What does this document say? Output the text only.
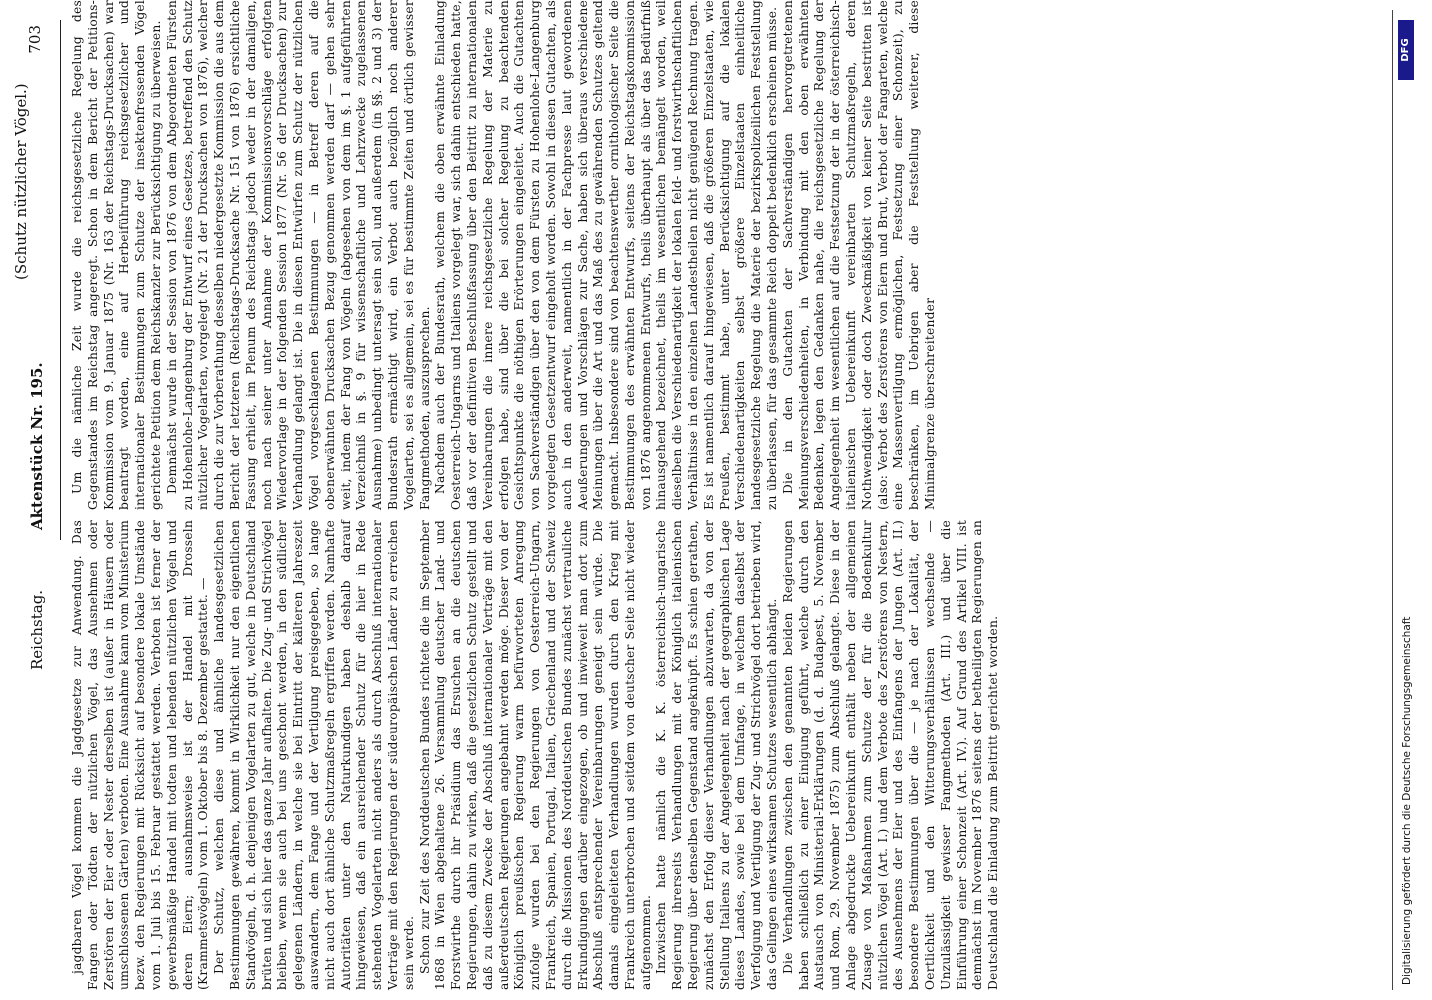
Reichstag.
Aktenstück Nr. 195.
(Schutz nützlicher Vögel.)
703

jagdbaren Vögel kommen die Jagdgesetze zur Anwendung. Das Fangen oder Tödten der nützlichen Vögel, das Ausnehmen oder Zerstören der Eier oder Nester derselben ist (außer in Häusern oder umschlossenen Gärten) verboten. Eine Ausnahme kann vom Ministerium bezw. den Regierungen mit Rücksicht auf besondere lokale Umstände vom 1. Juli bis 15. Februar gestattet werden. Verboten ist ferner der gewerbsmäßige Handel mit todten und lebenden nützlichen Vögeln und deren Eiern; ausnahmsweise ist der Handel mit Drosseln (Krammetsvögeln) vom 1. Oktober bis 8. Dezember gestattet. — Der Schutz, welchen diese und ähnliche landesgesetzlichen Bestimmungen gewähren, kommt in Wirklichkeit nur den eigentlichen Standvögeln, d. h. denjenigen Vogelarten zu gut, welche in Deutschland brüten und sich hier das ganze Jahr aufhalten. Die Zug- und Strichvögel bleiben, wenn sie auch bei uns geschont werden, in den südlicher gelegenen Ländern, in welche sie bei Eintritt der kälteren Jahreszeit auswandern, dem Fange und der Vertilgung preisgegeben, so lange nicht auch dort ähnliche Schutzmaßregeln ergriffen werden. Namhafte Autoritäten unter den Naturkundigen haben deshalb darauf hingewiesen, daß ein ausreichender Schutz für die hier in Rede stehenden Vogelarten nicht anders als durch Abschluß internationaler Verträge mit den Regierungen der südeuropäischen Länder zu erreichen sein werde. Schon zur Zeit des Norddeutschen Bundes richtete die im September 1868 in Wien abgehaltene 26. Versammlung deutscher Land- und Forstwirthe durch ihr Präsidium das Ersuchen an die deutschen Regierungen, dahin zu wirken, daß die gesetzlichen Schutz gestellt und daß zu diesem Zwecke der Abschluß internationaler Verträge mit den außerdeutschen Regierungen angebahnt werden möge. Dieser von der Königlich preußischen Regierung warm befürworteten Anregung zufolge wurden bei den Regierungen von Oesterreich-Ungarn, Frankreich, Spanien, Portugal, Italien, Griechenland und der Schweiz durch die Missionen des Norddeutschen Bundes zunächst vertrauliche Erkundigungen darüber eingezogen, ob und inwieweit man dort zum Abschluß entsprechender Vereinbarungen geneigt sein würde. Die damals eingeleiteten Verhandlungen wurden durch den Krieg mit Frankreich unterbrochen und seitdem von deutscher Seite nicht wieder aufgenommen. Inzwischen hatte nämlich die K. K. österreichisch-ungarische Regierung ihrerseits Verhandlungen mit der Königlich italienischen Regierung über denselben Gegenstand angeknüpft. Es schien gerathen, zunächst den Erfolg dieser Verhandlungen abzuwarten, da von der Stellung Italiens zu der Angelegenheit nach der geographischen Lage dieses Landes, sowie bei dem Umfange, in welchem daselbst der Verfolgung und Vertilgung der Zug- und Strichvögel dort betrieben wird, das Gelingen eines wirksamen Schutzes wesentlich abhängt. Die Verhandlungen zwischen den genannten beiden Regierungen haben schließlich zu einer Einigung geführt, welche durch den Austausch von Ministerial-Erklärungen (d. d. Budapest, 5. November und Rom, 29. November 1875) zum Abschluß gelangte. Diese in der Anlage abgedruckte Uebereinkunft enthält neben der allgemeinen Zusage von Maßnahmen zum Schutze der für die Bodenkultur nützlichen Vögel (Art. I.) und dem Verbote des Zerstörens von Nestern, des Ausnehmens der Eier und des Einfangens der Jungen (Art. II.) besondere Bestimmungen über die — je nach der Lokalität, der Oertlichkeit und den Witterungsverhältnissen wechselnde — Unzulässigkeit gewisser Fangmethoden (Art. III.) und über die Einführung einer Schonzeit (Art. IV.). Auf Grund des Artikel VIII. ist demnächst im November 1876 seitens der betheiligten Regierungen an Deutschland die Einladung zum Beitritt gerichtet worden.

Um die nämliche Zeit wurde die reichsgesetzliche Regelung des Gegenstandes im Reichstag angeregt. Schon in dem Bericht der Petitions-Kommission vom 9. Januar 1875 (Nr. 163 der Reichstags-Drucksachen) war beantragt worden, eine auf Herbeiführung reichsgesetzlicher und internationaler Bestimmungen zum Schutze der insektenfressenden Vögel gerichtete Petition dem Reichskanzler zur Berücksichtigung zu überweisen. Demnächst wurde in der Session von 1876 von dem Abgeordneten Fürsten zu Hohenlohe-Langenburg der Entwurf eines Gesetzes, betreffend den Schutz nützlicher Vogelarten, vorgelegt (Nr. 21 der Drucksachen von 1876), welcher durch die zur Vorberathung desselben niedergesetzte Kommission die aus dem Bericht der letzteren (Reichstags-Drucksache Nr. 151 von 1876) ersichtliche Fassung erhielt, im Plenum des Reichstags jedoch weder in der damaligen, noch nach seiner unter Annahme der Kommissionsvorschläge erfolgten Wiedervorlage in der folgenden Session 1877 (Nr. 56 der Drucksachen) zur Verhandlung gelangt ist. Die in diesen Entwürfen zum Schutz der nützlichen Vögel vorgeschlagenen Bestimmungen — in Betreff deren auf die obenerwähnten Drucksachen Bezug genommen werden darf — gehen sehr weit, indem der Fang von Vögeln (abgesehen von dem im §. 1 aufgeführten Verzeichniß in §. 9 für wissenschaftliche und Lehrzwecke zugelassenen Ausnahme) unbedingt untersagt sein soll, und außerdem (in §§. 2 und 3) der Bundesrath ermächtigt wird, ein Verbot auch bezüglich noch anderer Vogelarten, sei es allgemein, sei es für bestimmte Zeiten und örtlich gewisser Fangmethoden, auszusprechen. Nachdem auch der Bundesrath, welchem die oben erwähnte Einladung Oesterreich-Ungarns und Italiens vorgelegt war, sich dahin entschieden hatte, daß vor der definitiven Beschlußfassung über den Beitritt zu internationalen Vereinbarungen die innere reichsgesetzliche Regelung der Materie zu erfolgen habe, sind über die bei solcher Regelung zu beachtenden Gesichtspunkte die nöthigen Erörterungen eingeleitet. Auch die Gutachten von Sachverständigen über den von dem Fürsten zu Hohenlohe-Langenburg vorgelegten Gesetzentwurf eingeholt worden. Sowohl in diesen Gutachten, als auch in den anderweit, namentlich in der Fachpresse laut gewordenen Aeußerungen und Vorschlägen zur Sache, haben sich überaus verschiedene Meinungen über die Art und das Maß des zu gewährenden Schutzes geltend gemacht. Insbesondere sind von beachtenswerther ornithologischer Seite die Bestimmungen des erwähnten Entwurfs, seitens der Reichstagskommission von 1876 angenommenen Entwurfs, theils überhaupt als über das Bedürfniß hinausgehend bezeichnet, theils im wesentlichen bemängelt worden, weil dieselben die Verschiedenartigkeit der lokalen feld- und forstwirthschaftlichen Verhältnisse in den einzelnen Landestheilen nicht genügend Rechnung tragen. Es ist namentlich darauf hingewiesen, daß die größeren Einzelstaaten, wie Preußen, bestimmt habe, unter Berücksichtigung auf die lokalen Verschiedenartigkeiten selbst größere Einzelstaaten einheitliche landesgesetzliche Regelung die Materie der bezirkspolizeilichen Feststellung zu überlassen, für das gesammte Reich doppelt bedenklich erscheinen müsse. Die in den Gutachten der Sachverständigen hervorgetretenen Meinungsverschiedenheiten, in Verbindung mit den oben erwähnten Bedenken, legen den Gedanken nahe, die reichsgesetzliche Regelung der Angelegenheit im wesentlichen auf die Festsetzung der in der österreichisch-italienischen Uebereinkunft vereinbarten Schutzmaßregeln, deren Nothwendigkeit oder doch Zweckmäßigkeit von keiner Seite bestritten ist (also: Verbot des Zerstörens von Eiern und Brut, Verbot der Fangarten, welche eine Massenvertilgung ermöglichen, Festsetzung einer Schonzeit), zu beschränken, im Uebrigen aber die Feststellung weiterer, diese Minimalgrenze überschreitender

Digitalisierung gefördert durch die Deutsche Forschungsgemeinschaft
DFG
